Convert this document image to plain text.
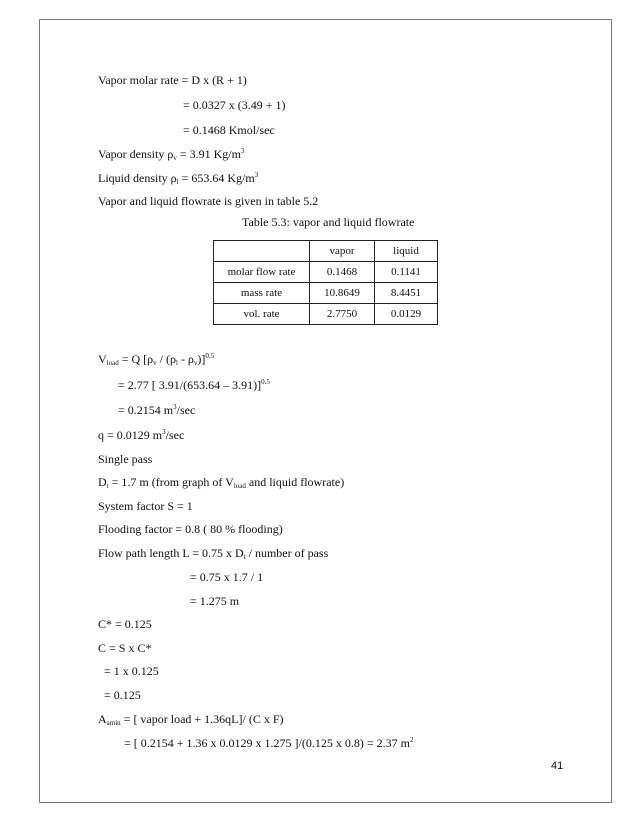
Vapor molar rate = D x (R + 1)
= 0.0327 x (3.49 + 1)
= 0.1468 Kmol/sec
Vapor density $\rho_v = 3.91$ $Kg/m^3$
Liquid density $\rho_l = 653.64$ $Kg/m^3$
Vapor and liquid flowrate is given in table 5.2
Table 5.3: vapor and liquid flowrate
	vapor	liquid
molar flow rate	0.1468	0.1141
mass rate	10.8649	8.4451
vol. rate	2.7750	0.0129
$V_{load} = Q$ $[\rho_v / (\rho_l - \rho_v)]^{0.5}$
= 2.77 [ 3.91/(653.64 – 3.91)]$^{0.5}$
= 0.2154 $m^3/\sec$
q = 0.0129 $m^3/\sec$
Single pass
$D_t = 1.7$ m (from graph of $V_{load}$ and liquid flowrate)
System factor S = 1
Flooding factor = 0.8 ( 80 % flooding)
Flow path length L = 0.75 x $D_t$ / number of pass
= 0.75 x 1.7 / 1
= 1.275 m
C* = 0.125
C = S x C*
= 1 x 0.125
= 0.125
$A_{amin}$ = [ vapor load + 1.36qL]/ (C x F)
= [ 0.2154 + 1.36 x 0.0129 x 1.275 ]/(0.125 x 0.8) = 2.37 $m^2$
41
